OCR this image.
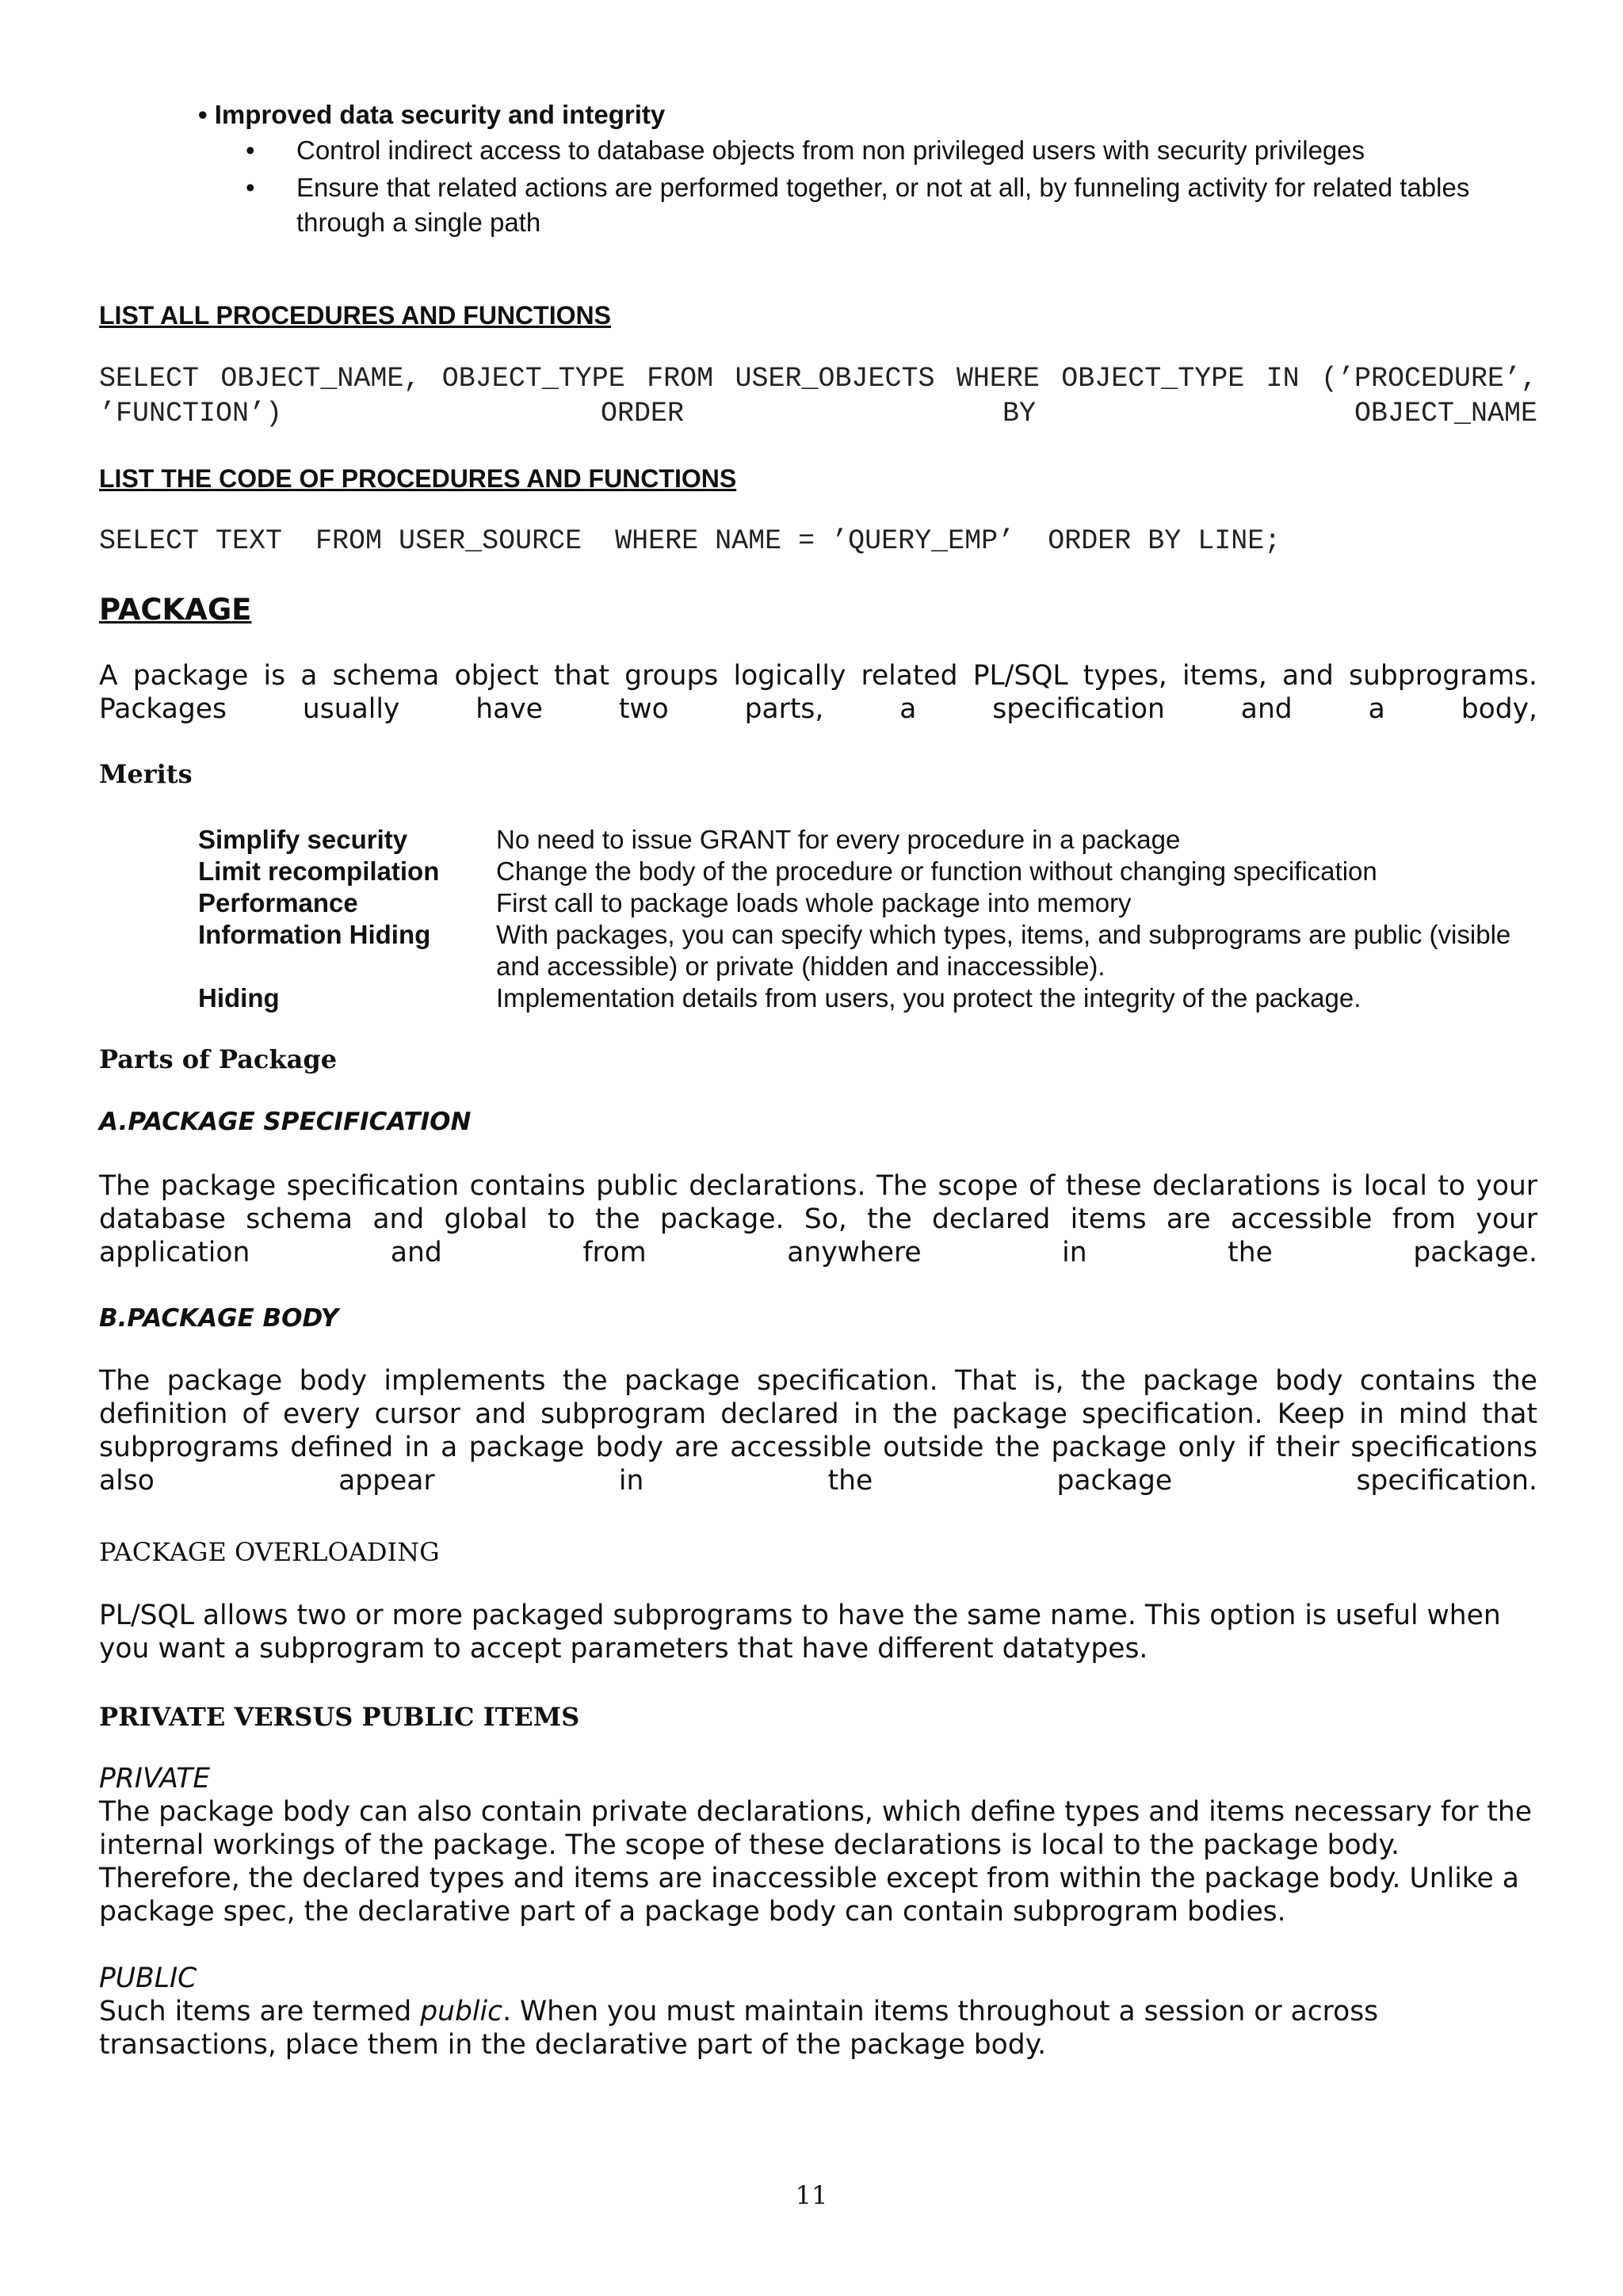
• Improved data security and integrity
• Control indirect access to database objects from non privileged users with security privileges
• Ensure that related actions are performed together, or not at all, by funneling activity for related tables through a single path
LIST ALL PROCEDURES AND FUNCTIONS
SELECT OBJECT_NAME, OBJECT_TYPE FROM USER_OBJECTS WHERE OBJECT_TYPE IN (’PROCEDURE’, ’FUNCTION’) ORDER BY OBJECT_NAME
LIST THE CODE OF PROCEDURES AND FUNCTIONS
SELECT TEXT  FROM USER_SOURCE  WHERE NAME = ’QUERY_EMP’  ORDER BY LINE;
PACKAGE
A package is a schema object that groups logically related PL/SQL types, items, and subprograms. Packages usually have two parts, a specification and a body,
Merits
Simplify security	No need to issue GRANT for every procedure in a package
Limit recompilation	Change the body of the procedure or function without changing specification
Performance	First call to package loads whole package into memory
Information Hiding	With packages, you can specify which types, items, and subprograms are public (visible and accessible) or private (hidden and inaccessible).
Hiding	Implementation details from users, you protect the integrity of the package.
Parts of Package
A.PACKAGE SPECIFICATION
The package specification contains public declarations. The scope of these declarations is local to your database schema and global to the package. So, the declared items are accessible from your application and from anywhere in the package.
B.PACKAGE BODY
The package body implements the package specification. That is, the package body contains the definition of every cursor and subprogram declared in the package specification. Keep in mind that subprograms defined in a package body are accessible outside the package only if their specifications also appear in the package specification.
PACKAGE OVERLOADING
PL/SQL allows two or more packaged subprograms to have the same name. This option is useful when you want a subprogram to accept parameters that have different datatypes.
PRIVATE VERSUS PUBLIC ITEMS
PRIVATE
The package body can also contain private declarations, which define types and items necessary for the internal workings of the package. The scope of these declarations is local to the package body. Therefore, the declared types and items are inaccessible except from within the package body. Unlike a package spec, the declarative part of a package body can contain subprogram bodies.
PUBLIC
Such items are termed public. When you must maintain items throughout a session or across transactions, place them in the declarative part of the package body.
11
